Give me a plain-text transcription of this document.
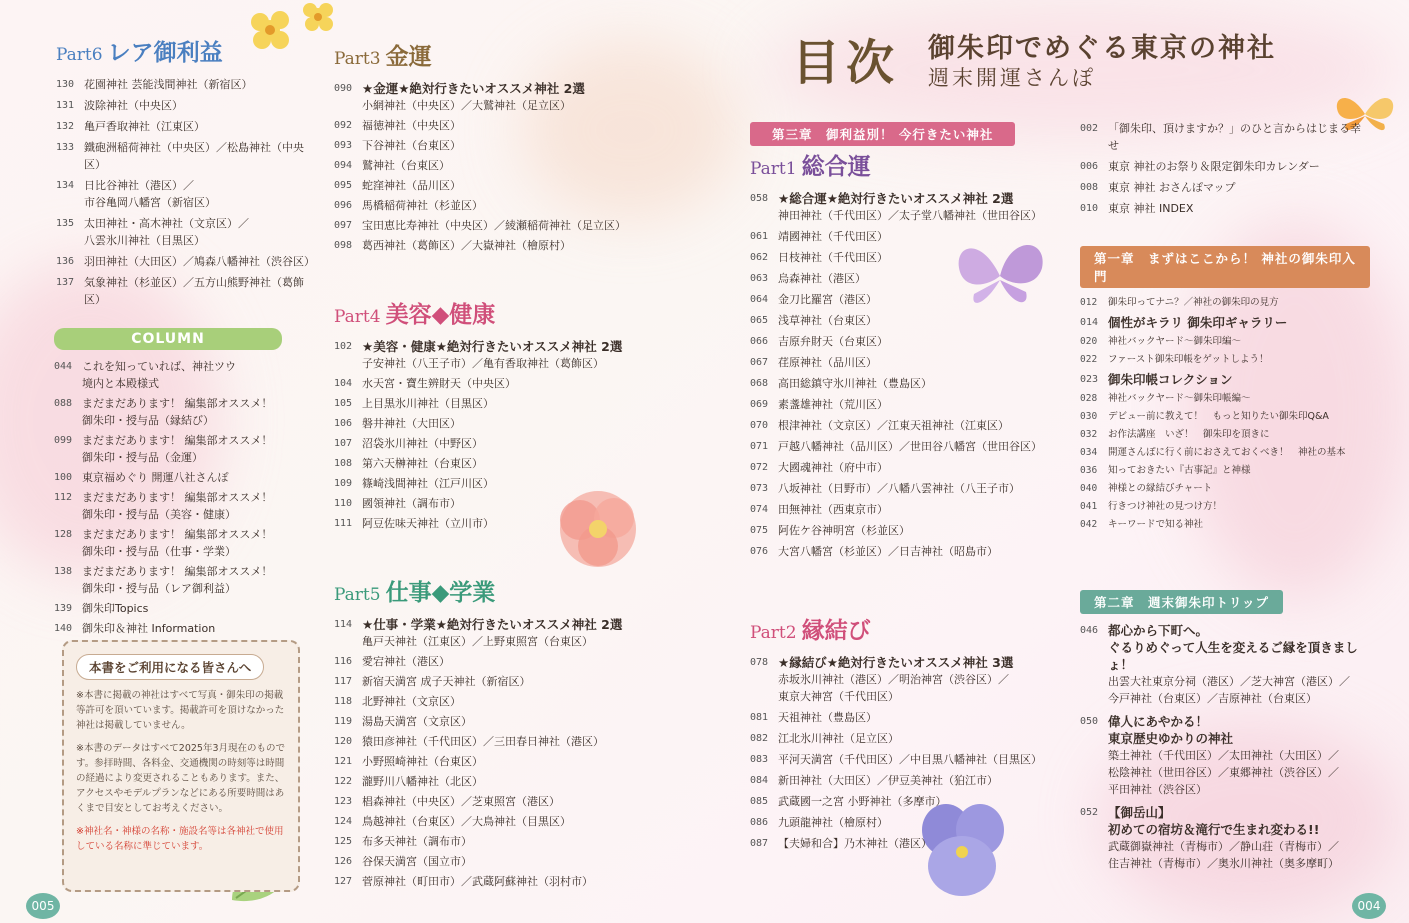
Part6 レア御利益
130 花園神社 芸能浅間神社（新宿区）
131 波除神社（中央区）
132 亀戸香取神社（江東区）
133 鐵砲洲稲荷神社（中央区）／松島神社（中央区）
134 日比谷神社（港区）／
市谷亀岡八幡宮（新宿区）
135 太田神社・高木神社（文京区）／
八雲氷川神社（目黒区）
136 羽田神社（大田区）／鳩森八幡神社（渋谷区）
137 気象神社（杉並区）／五方山熊野神社（葛飾区）
COLUMN
044 これを知っていれば、神社ツウ
境内と本殿様式
088 まだまだあります！ 編集部オススメ！
御朱印・授与品（縁結び）
099 まだまだあります！ 編集部オススメ！
御朱印・授与品（金運）
100 東京福めぐり 開運八社さんぽ
112 まだまだあります！ 編集部オススメ！
御朱印・授与品（美容・健康）
128 まだまだあります！ 編集部オススメ！
御朱印・授与品（仕事・学業）
138 まだまだあります！ 編集部オススメ！
御朱印・授与品（レア御利益）
139 御朱印Topics
140 御朱印＆神社 Information
本書をご利用になる皆さんへ

※本書に掲載の神社はすべて写真・御朱印の掲載等許可を頂いています。掲載許可を頂けなかった神社は掲載していません。

※本書のデータはすべて2025年3月現在のものです。参拝時間、各料金、交通機関の時刻等は時間の経過により変更されることもあります。また、アクセスやモデルプランなどにある所要時間はあくまで目安としてお考えください。

※神社名・神様の名称・施設名等は各神社で使用している名称に準じています。

Part3 金運
090 ★金運★絶対行きたいオススメ神社 2選
小網神社（中央区）／大鷲神社（足立区）
092 福徳神社（中央区）
093 下谷神社（台東区）
094 鷲神社（台東区）
095 蛇窪神社（品川区）
096 馬橋稲荷神社（杉並区）
097 宝田恵比寿神社（中央区）／綾瀬稲荷神社（足立区）
098 葛西神社（葛飾区）／大嶽神社（檜原村）
Part4 美容◆健康
102 ★美容・健康★絶対行きたいオススメ神社 2選
子安神社（八王子市）／亀有香取神社（葛飾区）
104 水天宮・寶生辨財天（中央区）
105 上目黒氷川神社（目黒区）
106 磐井神社（大田区）
107 沼袋氷川神社（中野区）
108 第六天榊神社（台東区）
109 篠崎浅間神社（江戸川区）
110 國領神社（調布市）
111 阿豆佐味天神社（立川市）
Part5 仕事◆学業
114 ★仕事・学業★絶対行きたいオススメ神社 2選
亀戸天神社（江東区）／上野東照宮（台東区）
116 愛宕神社（港区）
117 新宿天満宮 成子天神社（新宿区）
118 北野神社（文京区）
119 湯島天満宮（文京区）
120 猿田彦神社（千代田区）／三田春日神社（港区）
121 小野照崎神社（台東区）
122 瀧野川八幡神社（北区）
123 椙森神社（中央区）／芝東照宮（港区）
124 鳥越神社（台東区）／大鳥神社（目黒区）
125 布多天神社（調布市）
126 谷保天満宮（国立市）
127 菅原神社（町田市）／武蔵阿蘇神社（羽村市）
005
目次 御朱印でめぐる東京の神社
週末開運さんぽ
第三章　御利益別！ 今行きたい神社 Part1 総合運
058 ★総合運★絶対行きたいオススメ神社 2選
神田神社（千代田区）／太子堂八幡神社（世田谷区）
061 靖國神社（千代田区）
062 日枝神社（千代田区）
063 烏森神社（港区）
064 金刀比羅宮（港区）
065 浅草神社（台東区）
066 吉原弁財天（台東区）
067 荏原神社（品川区）
068 高田総鎮守氷川神社（豊島区）
069 素盞雄神社（荒川区）
070 根津神社（文京区）／江東天祖神社（江東区）
071 戸越八幡神社（品川区）／世田谷八幡宮（世田谷区）
072 大國魂神社（府中市）
073 八坂神社（日野市）／八幡八雲神社（八王子市）
074 田無神社（西東京市）
075 阿佐ケ谷神明宮（杉並区）
076 大宮八幡宮（杉並区）／日吉神社（昭島市）
Part2 縁結び
078 ★縁結び★絶対行きたいオススメ神社 3選
赤坂氷川神社（港区）／明治神宮（渋谷区）／
東京大神宮（千代田区）
081 天祖神社（豊島区）
082 江北氷川神社（足立区）
083 平河天満宮（千代田区）／中目黒八幡神社（目黒区）
084 新田神社（大田区）／伊豆美神社（狛江市）
085 武蔵國一之宮 小野神社（多摩市）
086 九頭龍神社（檜原村）
087 【夫婦和合】乃木神社（港区）
002 「御朱印、頂けますか？」のひと言からはじまる幸せ
006 東京 神社のお祭り＆限定御朱印カレンダー
008 東京 神社 おさんぽマップ
010 東京 神社 INDEX
第一章　まずはここから！ 神社の御朱印入門
012	御朱印ってナニ？／神社の御朱印の見方
014 個性がキラリ 御朱印ギャラリー
020	神社バックヤード〜御朱印編〜
022	ファースト御朱印帳をゲットしよう！
023 御朱印帳コレクション
028	神社バックヤード〜御朱印帳編〜
030	デビュー前に教えて！　もっと知りたい御朱印Q&A
032	お作法講座　いざ！　御朱印を頂きに
034	開運さんぽに行く前におさえておくべき！　神社の基本
036	知っておきたい『古事記』と神様
040	神様との縁結びチャート
041	行きつけ神社の見つけ方！
042	キーワードで知る神社
第二章　週末御朱印トリップ
046 都心から下町へ。
ぐるりめぐって人生を変えるご縁を頂きましょ！
出雲大社東京分祠（港区）／芝大神宮（港区）／
今戸神社（台東区）／吉原神社（台東区）
050 偉人にあやかる！
東京歴史ゆかりの神社
築土神社（千代田区）／太田神社（大田区）／
松陰神社（世田谷区）／東郷神社（渋谷区）／
平田神社（渋谷区）
052 【御岳山】
初めての宿坊＆滝行で生まれ変わる!!
武蔵御嶽神社（青梅市）／静山荘（青梅市）／
住吉神社（青梅市）／奥氷川神社（奥多摩町）
004
